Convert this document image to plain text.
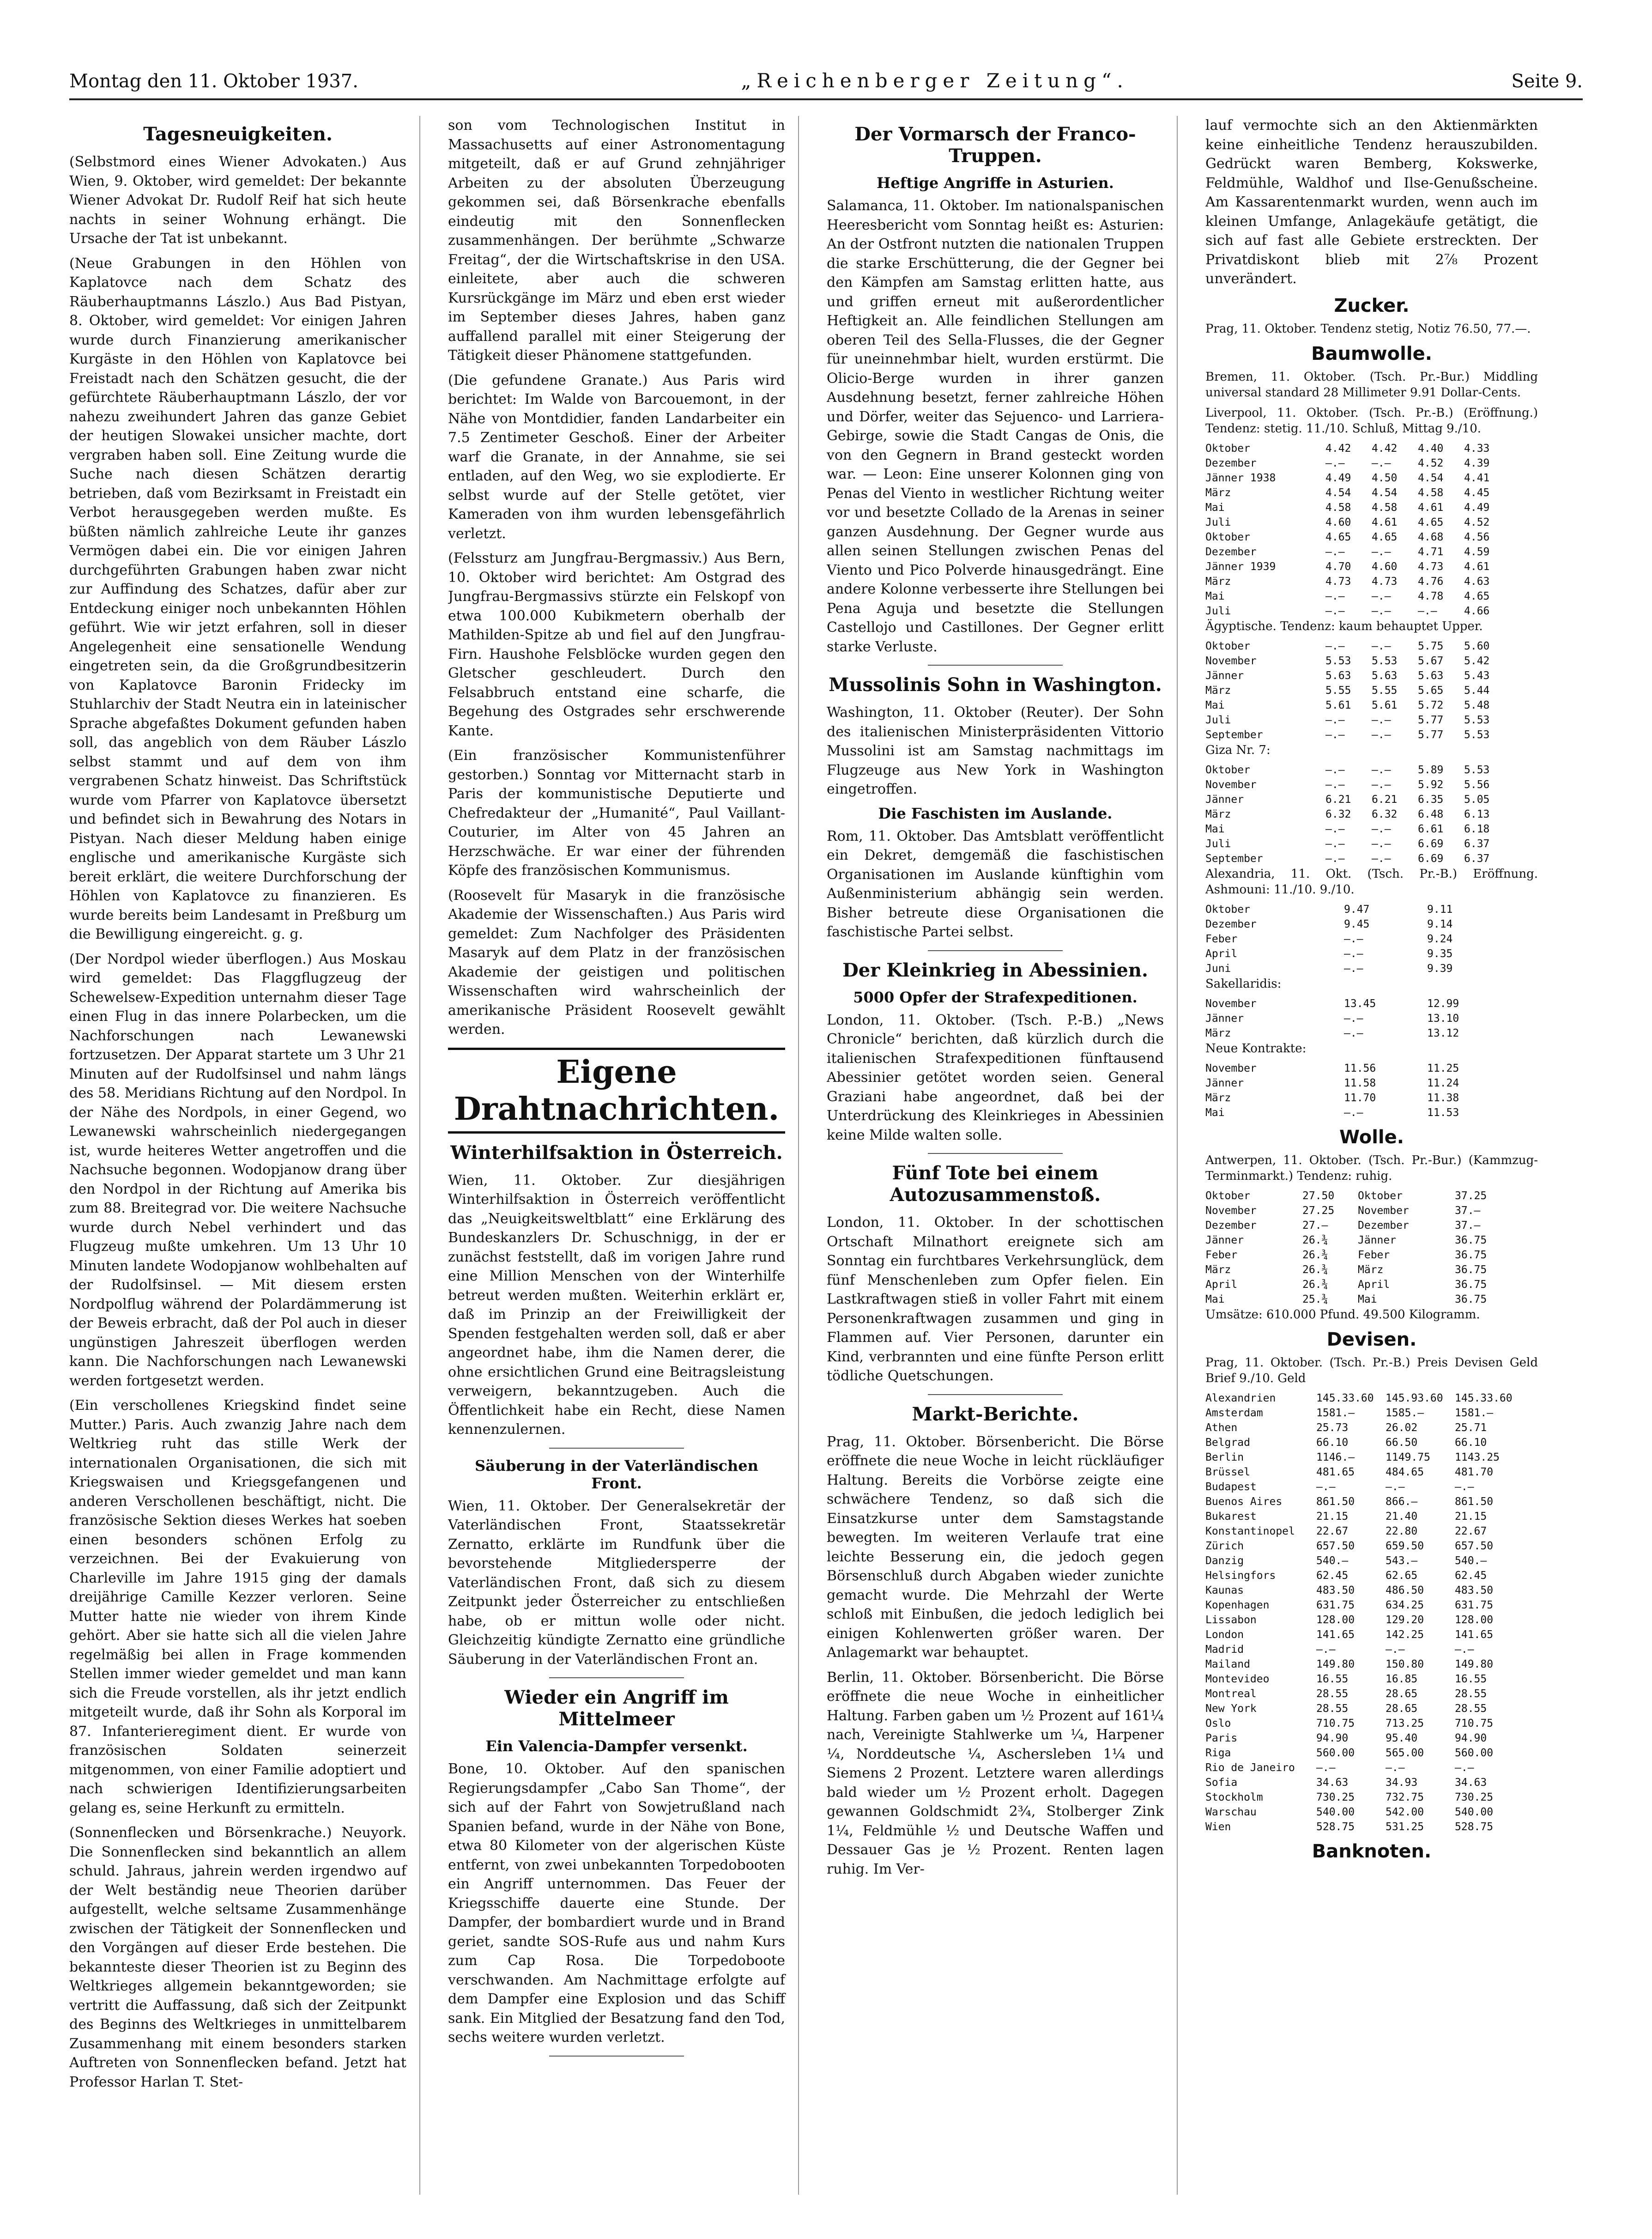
Montag den 11. Oktober 1937.	„Reichenberger Zeitung“.	Seite 9.
Tagesneuigkeiten.

(Selbstmord eines Wiener Advokaten.) Aus Wien, 9. Oktober, wird gemeldet: Der bekannte Wiener Advokat Dr. Rudolf Reif hat sich heute nachts in seiner Wohnung erhängt. Die Ursache der Tat ist unbekannt.

(Neue Grabungen in den Höhlen von Kaplatovce nach dem Schatz des Räuberhauptmanns Lászlo.) Aus Bad Pistyan, 8. Oktober, wird gemeldet: Vor einigen Jahren wurde durch Finanzierung amerikanischer Kurgäste in den Höhlen von Kaplatovce bei Freistadt nach den Schätzen gesucht, die der gefürchtete Räuberhauptmann Lászlo, der vor nahezu zweihundert Jahren das ganze Gebiet der heutigen Slowakei unsicher machte, dort vergraben haben soll. Eine Zeitung wurde die Suche nach diesen Schätzen derartig betrieben, daß vom Bezirksamt in Freistadt ein Verbot herausgegeben werden mußte. Es büßten nämlich zahlreiche Leute ihr ganzes Vermögen dabei ein. Die vor einigen Jahren durchgeführten Grabungen haben zwar nicht zur Auffindung des Schatzes, dafür aber zur Entdeckung einiger noch unbekannten Höhlen geführt. Wie wir jetzt erfahren, soll in dieser Angelegenheit eine sensationelle Wendung eingetreten sein, da die Großgrundbesitzerin von Kaplatovce Baronin Fridecky im Stuhlarchiv der Stadt Neutra ein in lateinischer Sprache abgefaßtes Dokument gefunden haben soll, das angeblich von dem Räuber Lászlo selbst stammt und auf dem von ihm vergrabenen Schatz hinweist. Das Schriftstück wurde vom Pfarrer von Kaplatovce übersetzt und befindet sich in Bewahrung des Notars in Pistyan. Nach dieser Meldung haben einige englische und amerikanische Kurgäste sich bereit erklärt, die weitere Durchforschung der Höhlen von Kaplatovce zu finanzieren. Es wurde bereits beim Landesamt in Preßburg um die Bewilligung eingereicht. g. g.

(Der Nordpol wieder überflogen.) Aus Moskau wird gemeldet: Das Flaggflugzeug der Schewelsew-Expedition unternahm dieser Tage einen Flug in das innere Polarbecken, um die Nachforschungen nach Lewanewski fortzusetzen. Der Apparat startete um 3 Uhr 21 Minuten auf der Rudolfsinsel und nahm längs des 58. Meridians Richtung auf den Nordpol. In der Nähe des Nordpols, in einer Gegend, wo Lewanewski wahrscheinlich niedergegangen ist, wurde heiteres Wetter angetroffen und die Nachsuche begonnen. Wodopjanow drang über den Nordpol in der Richtung auf Amerika bis zum 88. Breitegrad vor. Die weitere Nachsuche wurde durch Nebel verhindert und das Flugzeug mußte umkehren. Um 13 Uhr 10 Minuten landete Wodopjanow wohlbehalten auf der Rudolfsinsel. — Mit diesem ersten Nordpolflug während der Polardämmerung ist der Beweis erbracht, daß der Pol auch in dieser ungünstigen Jahreszeit überflogen werden kann. Die Nachforschungen nach Lewanewski werden fortgesetzt werden.

(Ein verschollenes Kriegskind findet seine Mutter.) Paris. Auch zwanzig Jahre nach dem Weltkrieg ruht das stille Werk der internationalen Organisationen, die sich mit Kriegswaisen und Kriegsgefangenen und anderen Verschollenen beschäftigt, nicht. Die französische Sektion dieses Werkes hat soeben einen besonders schönen Erfolg zu verzeichnen. Bei der Evakuierung von Charleville im Jahre 1915 ging der damals dreijährige Camille Kezzer verloren. Seine Mutter hatte nie wieder von ihrem Kinde gehört. Aber sie hatte sich all die vielen Jahre regelmäßig bei allen in Frage kommenden Stellen immer wieder gemeldet und man kann sich die Freude vorstellen, als ihr jetzt endlich mitgeteilt wurde, daß ihr Sohn als Korporal im 87. Infanterieregiment dient. Er wurde von französischen Soldaten seinerzeit mitgenommen, von einer Familie adoptiert und nach schwierigen Identifizierungsarbeiten gelang es, seine Herkunft zu ermitteln.

(Sonnenflecken und Börsenkrache.) Neuyork. Die Sonnenflecken sind bekanntlich an allem schuld. Jahraus, jahrein werden irgendwo auf der Welt beständig neue Theorien darüber aufgestellt, welche seltsame Zusammenhänge zwischen der Tätigkeit der Sonnenflecken und den Vorgängen auf dieser Erde bestehen. Die bekannteste dieser Theorien ist zu Beginn des Weltkrieges allgemein bekanntgeworden; sie vertritt die Auffassung, daß sich der Zeitpunkt des Beginns des Weltkrieges in unmittelbarem Zusammenhang mit einem besonders starken Auftreten von Sonnenflecken befand. Jetzt hat Professor Harlan T. Stet-

son vom Technologischen Institut in Massachusetts auf einer Astronomentagung mitgeteilt, daß er auf Grund zehnjähriger Arbeiten zu der absoluten Überzeugung gekommen sei, daß Börsenkrache ebenfalls eindeutig mit den Sonnenflecken zusammenhängen. Der berühmte „Schwarze Freitag“, der die Wirtschaftskrise in den USA. einleitete, aber auch die schweren Kursrückgänge im März und eben erst wieder im September dieses Jahres, haben ganz auffallend parallel mit einer Steigerung der Tätigkeit dieser Phänomene stattgefunden.

(Die gefundene Granate.) Aus Paris wird berichtet: Im Walde von Barcouemont, in der Nähe von Montdidier, fanden Landarbeiter ein 7.5 Zentimeter Geschoß. Einer der Arbeiter warf die Granate, in der Annahme, sie sei entladen, auf den Weg, wo sie explodierte. Er selbst wurde auf der Stelle getötet, vier Kameraden von ihm wurden lebensgefährlich verletzt.

(Felssturz am Jungfrau-Bergmassiv.) Aus Bern, 10. Oktober wird berichtet: Am Ostgrad des Jungfrau-Bergmassivs stürzte ein Felskopf von etwa 100.000 Kubikmetern oberhalb der Mathilden-Spitze ab und fiel auf den Jungfrau-Firn. Haushohe Felsblöcke wurden gegen den Gletscher geschleudert. Durch den Felsabbruch entstand eine scharfe, die Begehung des Ostgrades sehr erschwerende Kante.

(Ein französischer Kommunistenführer gestorben.) Sonntag vor Mitternacht starb in Paris der kommunistische Deputierte und Chefredakteur der „Humanité“, Paul Vaillant-Couturier, im Alter von 45 Jahren an Herzschwäche. Er war einer der führenden Köpfe des französischen Kommunismus.

(Roosevelt für Masaryk in die französische Akademie der Wissenschaften.) Aus Paris wird gemeldet: Zum Nachfolger des Präsidenten Masaryk auf dem Platz in der französischen Akademie der geistigen und politischen Wissenschaften wird wahrscheinlich der amerikanische Präsident Roosevelt gewählt werden.

Eigene Drahtnachrichten.
Winterhilfsaktion in Österreich.

Wien, 11. Oktober. Zur diesjährigen Winterhilfsaktion in Österreich veröffentlicht das „Neuigkeitsweltblatt“ eine Erklärung des Bundeskanzlers Dr. Schuschnigg, in der er zunächst feststellt, daß im vorigen Jahre rund eine Million Menschen von der Winterhilfe betreut werden mußten. Weiterhin erklärt er, daß im Prinzip an der Freiwilligkeit der Spenden festgehalten werden soll, daß er aber angeordnet habe, ihm die Namen derer, die ohne ersichtlichen Grund eine Beitragsleistung verweigern, bekanntzugeben. Auch die Öffentlichkeit habe ein Recht, diese Namen kennenzulernen.

Säuberung in der Vaterländischen Front.

Wien, 11. Oktober. Der Generalsekretär der Vaterländischen Front, Staatssekretär Zernatto, erklärte im Rundfunk über die bevorstehende Mitgliedersperre der Vaterländischen Front, daß sich zu diesem Zeitpunkt jeder Österreicher zu entschließen habe, ob er mittun wolle oder nicht. Gleichzeitig kündigte Zernatto eine gründliche Säuberung in der Vaterländischen Front an.

Wieder ein Angriff im Mittelmeer
Ein Valencia-Dampfer versenkt.

Bone, 10. Oktober. Auf den spanischen Regierungsdampfer „Cabo San Thome“, der sich auf der Fahrt von Sowjetrußland nach Spanien befand, wurde in der Nähe von Bone, etwa 80 Kilometer von der algerischen Küste entfernt, von zwei unbekannten Torpedobooten ein Angriff unternommen. Das Feuer der Kriegsschiffe dauerte eine Stunde. Der Dampfer, der bombardiert wurde und in Brand geriet, sandte SOS-Rufe aus und nahm Kurs zum Cap Rosa. Die Torpedoboote verschwanden. Am Nachmittage erfolgte auf dem Dampfer eine Explosion und das Schiff sank. Ein Mitglied der Besatzung fand den Tod, sechs weitere wurden verletzt.

Der Vormarsch der Franco-Truppen.
Heftige Angriffe in Asturien.

Salamanca, 11. Oktober. Im nationalspanischen Heeresbericht vom Sonntag heißt es: Asturien: An der Ostfront nutzten die nationalen Truppen die starke Erschütterung, die der Gegner bei den Kämpfen am Samstag erlitten hatte, aus und griffen erneut mit außerordentlicher Heftigkeit an. Alle feindlichen Stellungen am oberen Teil des Sella-Flusses, die der Gegner für uneinnehmbar hielt, wurden erstürmt. Die Olicio-Berge wurden in ihrer ganzen Ausdehnung besetzt, ferner zahlreiche Höhen und Dörfer, weiter das Sejuenco- und Larriera-Gebirge, sowie die Stadt Cangas de Onis, die von den Gegnern in Brand gesteckt worden war. — Leon: Eine unserer Kolonnen ging von Penas del Viento in westlicher Richtung weiter vor und besetzte Collado de la Arenas in seiner ganzen Ausdehnung. Der Gegner wurde aus allen seinen Stellungen zwischen Penas del Viento und Pico Polverde hinausgedrängt. Eine andere Kolonne verbesserte ihre Stellungen bei Pena Aguja und besetzte die Stellungen Castellojo und Castillones. Der Gegner erlitt starke Verluste.

Mussolinis Sohn in Washington.

Washington, 11. Oktober (Reuter). Der Sohn des italienischen Ministerpräsidenten Vittorio Mussolini ist am Samstag nachmittags im Flugzeuge aus New York in Washington eingetroffen.

Die Faschisten im Auslande.

Rom, 11. Oktober. Das Amtsblatt veröffentlicht ein Dekret, demgemäß die faschistischen Organisationen im Auslande künftighin vom Außenministerium abhängig sein werden. Bisher betreute diese Organisationen die faschistische Partei selbst.

Der Kleinkrieg in Abessinien.
5000 Opfer der Strafexpeditionen.

London, 11. Oktober. (Tsch. P.-B.) „News Chronicle“ berichten, daß kürzlich durch die italienischen Strafexpeditionen fünftausend Abessinier getötet worden seien. General Graziani habe angeordnet, daß bei der Unterdrückung des Kleinkrieges in Abessinien keine Milde walten solle.

Fünf Tote bei einem Autozusammenstoß.

London, 11. Oktober. In der schottischen Ortschaft Milnathort ereignete sich am Sonntag ein furchtbares Verkehrsunglück, dem fünf Menschenleben zum Opfer fielen. Ein Lastkraftwagen stieß in voller Fahrt mit einem Personenkraftwagen zusammen und ging in Flammen auf. Vier Personen, darunter ein Kind, verbrannten und eine fünfte Person erlitt tödliche Quetschungen.

Markt-Berichte.

Prag, 11. Oktober. Börsenbericht. Die Börse eröffnete die neue Woche in leicht rückläufiger Haltung. Bereits die Vorbörse zeigte eine schwächere Tendenz, so daß sich die Einsatzkurse unter dem Samstagstande bewegten. Im weiteren Verlaufe trat eine leichte Besserung ein, die jedoch gegen Börsenschluß durch Abgaben wieder zunichte gemacht wurde. Die Mehrzahl der Werte schloß mit Einbußen, die jedoch lediglich bei einigen Kohlenwerten größer waren. Der Anlagemarkt war behauptet.

Berlin, 11. Oktober. Börsenbericht. Die Börse eröffnete die neue Woche in einheitlicher Haltung. Farben gaben um ½ Prozent auf 161¼ nach, Vereinigte Stahlwerke um ¼, Harpener ¼, Norddeutsche ¼, Aschersleben 1¼ und Siemens 2 Prozent. Letztere waren allerdings bald wieder um ½ Prozent erholt. Dagegen gewannen Goldschmidt 2¾, Stolberger Zink 1¼, Feldmühle ½ und Deutsche Waffen und Dessauer Gas je ½ Prozent. Renten lagen ruhig. Im Ver-

lauf vermochte sich an den Aktienmärkten keine einheitliche Tendenz herauszubilden. Gedrückt waren Bemberg, Kokswerke, Feldmühle, Waldhof und Ilse-Genußscheine. Am Kassarentenmarkt wurden, wenn auch im kleinen Umfange, Anlagekäufe getätigt, die sich auf fast alle Gebiete erstreckten. Der Privatdiskont blieb mit 2⅞ Prozent unverändert.

Zucker.

Prag, 11. Oktober. Tendenz stetig, Notiz 76.50, 77.—.

Baumwolle.

Bremen, 11. Oktober. (Tsch. Pr.-Bur.) Middling universal standard 28 Millimeter 9.91 Dollar-Cents.

Liverpool, 11. Oktober. (Tsch. Pr.-B.) (Eröffnung.) Tendenz: stetig. 11./10. Schluß, Mittag 9./10.

Oktober	4.42	4.42	4.40	4.33
Dezember	—.—	—.—	4.52	4.39
Jänner 1938	4.49	4.50	4.54	4.41
März	4.54	4.54	4.58	4.45
Mai	4.58	4.58	4.61	4.49
Juli	4.60	4.61	4.65	4.52
Oktober	4.65	4.65	4.68	4.56
Dezember	—.—	—.—	4.71	4.59
Jänner 1939	4.70	4.60	4.73	4.61
März	4.73	4.73	4.76	4.63
Mai	—.—	—.—	4.78	4.65
Juli	—.—	—.—	—.—	4.66

Ägyptische. Tendenz: kaum behauptet Upper.

Oktober	—.—	—.—	5.75	5.60
November	5.53	5.53	5.67	5.42
Jänner	5.63	5.63	5.63	5.43
März	5.55	5.55	5.65	5.44
Mai	5.61	5.61	5.72	5.48
Juli	—.—	—.—	5.77	5.53
September	—.—	—.—	5.77	5.53

Giza Nr. 7:

Oktober	—.—	—.—	5.89	5.53
November	—.—	—.—	5.92	5.56
Jänner	6.21	6.21	6.35	5.05
März	6.32	6.32	6.48	6.13
Mai	—.—	—.—	6.61	6.18
Juli	—.—	—.—	6.69	6.37
September	—.—	—.—	6.69	6.37

Alexandria, 11. Okt. (Tsch. Pr.-B.) Eröffnung. Ashmouni: 11./10. 9./10.

Oktober	9.47	9.11
Dezember	9.45	9.14
Feber	—.—	9.24
April	—.—	9.35
Juni	—.—	9.39

Sakellaridis:

November	13.45	12.99
Jänner	—.—	13.10
März	—.—	13.12

Neue Kontrakte:

November	11.56	11.25
Jänner	11.58	11.24
März	11.70	11.38
Mai	—.—	11.53
Wolle.

Antwerpen, 11. Oktober. (Tsch. Pr.-Bur.) (Kammzug-Terminmarkt.) Tendenz: ruhig.

Oktober	27.50	Oktober	37.25
November	27.25	November	37.—
Dezember	27.—	Dezember	37.—
Jänner	26.¾	Jänner	36.75
Feber	26.¾	Feber	36.75
März	26.¾	März	36.75
April	26.¾	April	36.75
Mai	25.¾	Mai	36.75

Umsätze: 610.000 Pfund. 49.500 Kilogramm.

Devisen.

Prag, 11. Oktober. (Tsch. Pr.-B.) Preis Devisen Geld Brief 9./10. Geld

Alexandrien	145.33.60	145.93.60	145.33.60
Amsterdam	1581.—	1585.—	1581.—
Athen	25.73	26.02	25.71
Belgrad	66.10	66.50	66.10
Berlin	1146.—	1149.75	1143.25
Brüssel	481.65	484.65	481.70
Budapest	—.—	—.—	—.—
Buenos Aires	861.50	866.—	861.50
Bukarest	21.15	21.40	21.15
Konstantinopel	22.67	22.80	22.67
Zürich	657.50	659.50	657.50
Danzig	540.—	543.—	540.—
Helsingfors	62.45	62.65	62.45
Kaunas	483.50	486.50	483.50
Kopenhagen	631.75	634.25	631.75
Lissabon	128.00	129.20	128.00
London	141.65	142.25	141.65
Madrid	—.—	—.—	—.—
Mailand	149.80	150.80	149.80
Montevideo	16.55	16.85	16.55
Montreal	28.55	28.65	28.55
New York	28.55	28.65	28.55
Oslo	710.75	713.25	710.75
Paris	94.90	95.40	94.90
Riga	560.00	565.00	560.00
Rio de Janeiro	—.—	—.—	—.—
Sofia	34.63	34.93	34.63
Stockholm	730.25	732.75	730.25
Warschau	540.00	542.00	540.00
Wien	528.75	531.25	528.75
Banknoten.
